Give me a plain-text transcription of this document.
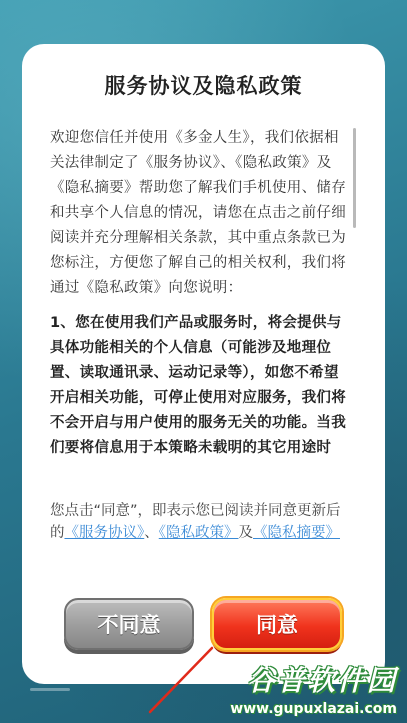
服务协议及隐私政策

欢迎您信任并使用《多金人生》，我们依据相关法律制定了《服务协议》、《隐私政策》及《隐私摘要》帮助您了解我们手机使用、储存和共享个人信息的情况，请您在点击之前仔细阅读并充分理解相关条款，其中重点条款已为您标注，方便您了解自己的相关权利，我们将通过《隐私政策》向您说明：

1、您在使用我们产品或服务时，将会提供与具体功能相关的个人信息（可能涉及地理位置、读取通讯录、运动记录等），如您不希望开启相关功能，可停止使用对应服务，我们将不会开启与用户使用的服务无关的功能。当我们要将信息用于本策略未载明的其它用途时

您点击“同意”，即表示您已阅读并同意更新后的《服务协议》、《隐私政策》及《隐私摘要》
不同意	同意
谷普软件园
www.gupuxlazai.com
